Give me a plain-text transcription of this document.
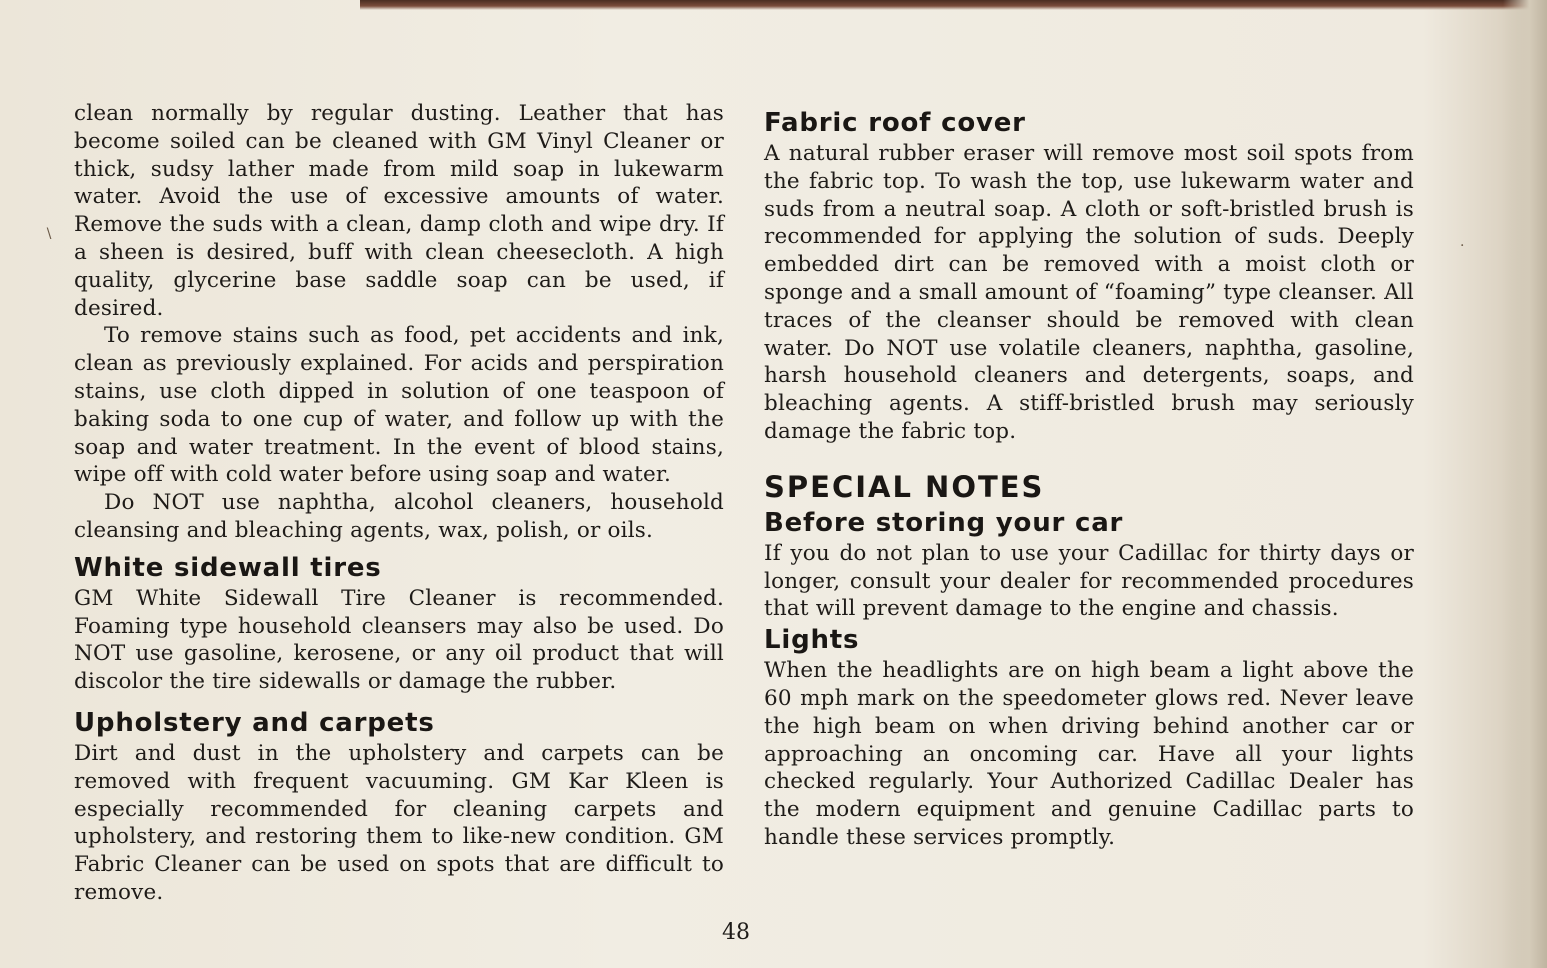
clean normally by regular dusting. Leather that has become soiled can be cleaned with GM Vinyl Cleaner or thick, sudsy lather made from mild soap in lukewarm water. Avoid the use of excessive amounts of water. Remove the suds with a clean, damp cloth and wipe dry. If a sheen is desired, buff with clean cheesecloth. A high quality, glycerine base saddle soap can be used, if desired.

To remove stains such as food, pet accidents and ink, clean as previously explained. For acids and perspiration stains, use cloth dipped in solution of one teaspoon of baking soda to one cup of water, and follow up with the soap and water treatment. In the event of blood stains, wipe off with cold water before using soap and water.

Do NOT use naphtha, alcohol cleaners, household cleansing and bleaching agents, wax, polish, or oils.

White sidewall tires

GM White Sidewall Tire Cleaner is recommended. Foaming type household cleansers may also be used. Do NOT use gasoline, kerosene, or any oil product that will discolor the tire sidewalls or damage the rubber.

Upholstery and carpets

Dirt and dust in the upholstery and carpets can be removed with frequent vacuuming. GM Kar Kleen is especially recommended for cleaning carpets and upholstery, and restoring them to like-new condition. GM Fabric Cleaner can be used on spots that are difficult to remove.

Fabric roof cover

A natural rubber eraser will remove most soil spots from the fabric top. To wash the top, use lukewarm water and suds from a neutral soap. A cloth or soft-bristled brush is recommended for applying the solution of suds. Deeply embedded dirt can be removed with a moist cloth or sponge and a small amount of “foaming” type cleanser. All traces of the cleanser should be removed with clean water. Do NOT use volatile cleaners, naphtha, gasoline, harsh household cleaners and detergents, soaps, and bleaching agents. A stiff-bristled brush may seriously damage the fabric top.

SPECIAL NOTES
Before storing your car

If you do not plan to use your Cadillac for thirty days or longer, consult your dealer for recommended procedures that will prevent damage to the engine and chassis.

Lights

When the headlights are on high beam a light above the 60 mph mark on the speedometer glows red. Never leave the high beam on when driving behind another car or approaching an oncoming car. Have all your lights checked regularly. Your Authorized Cadillac Dealer has the modern equipment and genuine Cadillac parts to handle these services promptly.

48
∖
·
